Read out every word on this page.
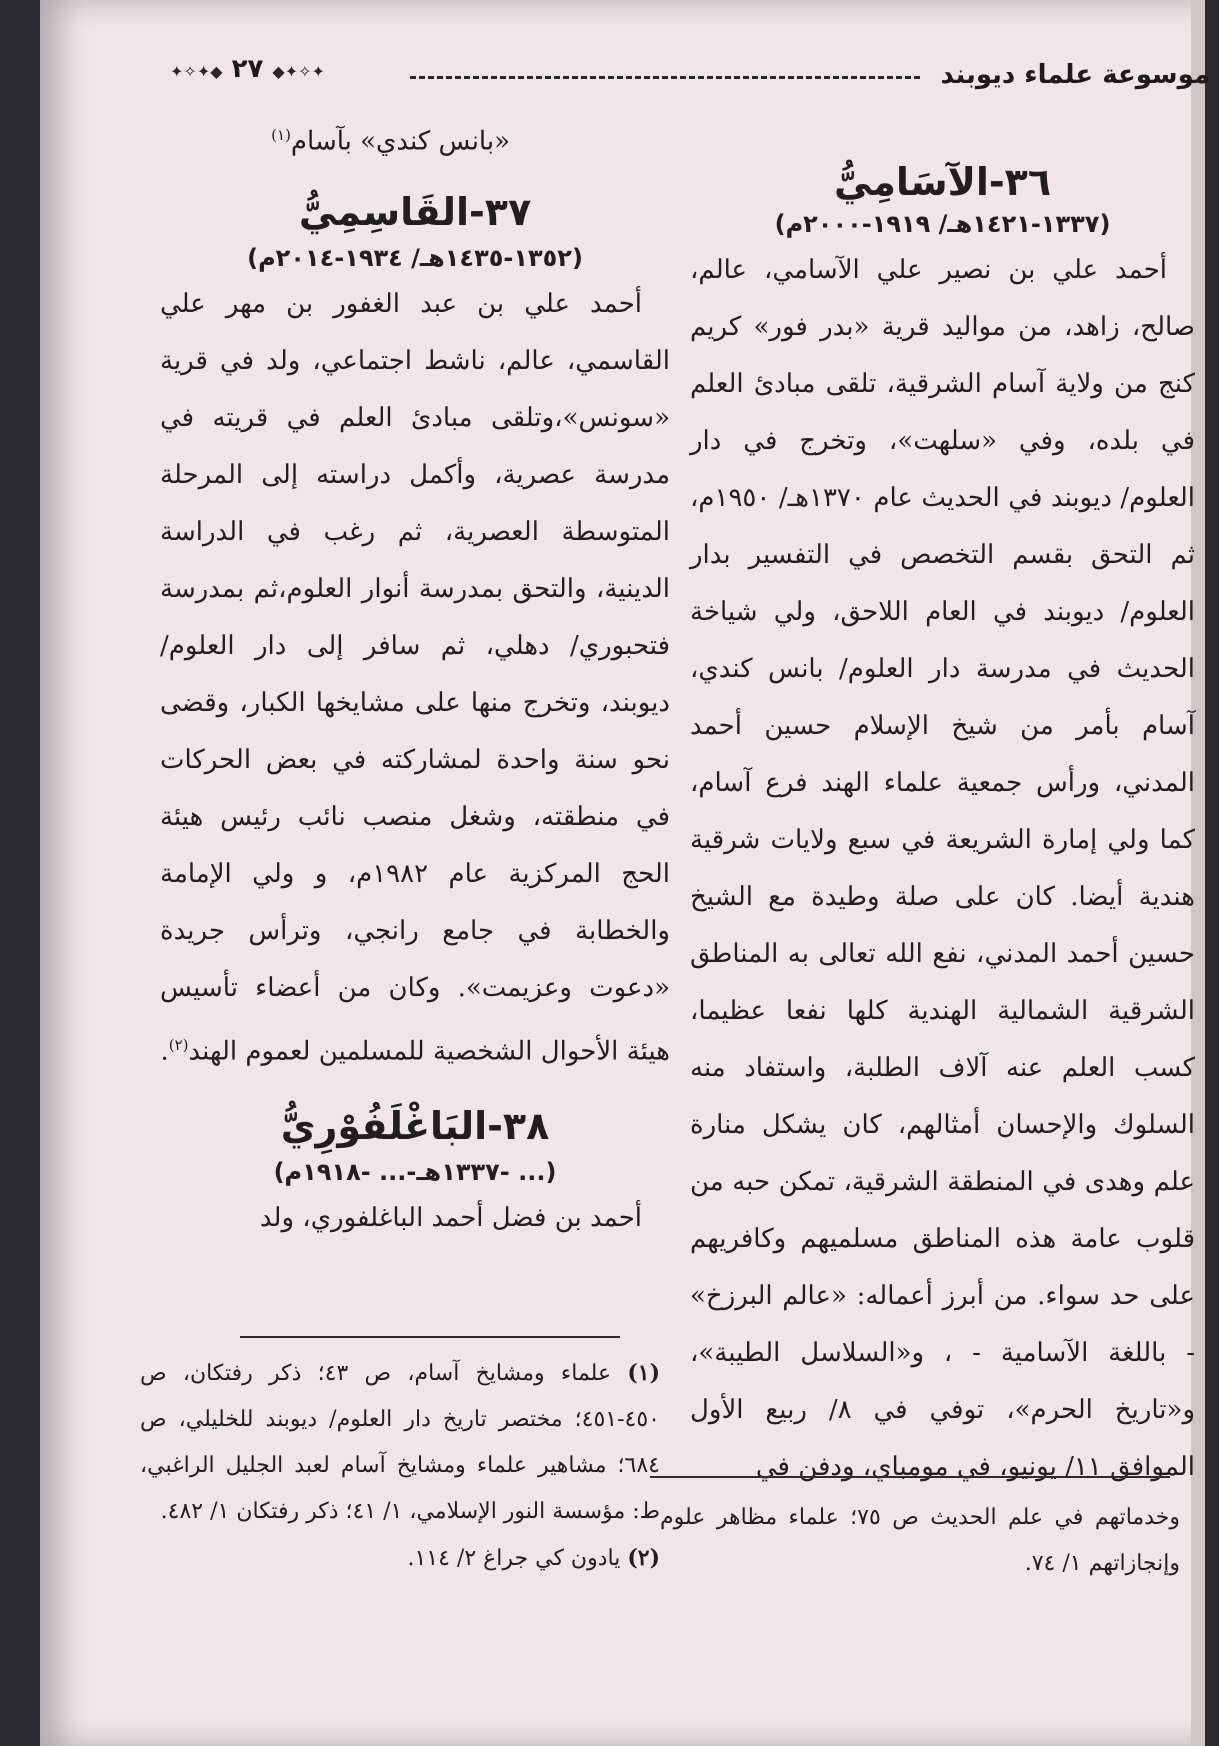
✦✧✦◆ ٢٧ ◆✦✧✦	موسوعة علماء ديوبند
٣٦-الآسَامِيُّ
(١٣٣٧-١٤٢١هـ/ ١٩١٩-٢٠٠٠م)

أحمد علي بن نصير علي الآسامي، عالم، صالح، زاهد، من مواليد قرية «بدر فور» كريم كنج من ولاية آسام الشرقية، تلقى مبادئ العلم في بلده، وفي «سلهت»، وتخرج في دار العلوم/ ديوبند في الحديث عام ١٣٧٠هـ/ ١٩٥٠م، ثم التحق بقسم التخصص في التفسير بدار العلوم/ ديوبند في العام اللاحق، ولي شياخة الحديث في مدرسة دار العلوم/ بانس كندي، آسام بأمر من شيخ الإسلام حسين أحمد المدني، ورأس جمعية علماء الهند فرع آسام، كما ولي إمارة الشريعة في سبع ولايات شرقية هندية أيضا. كان على صلة وطيدة مع الشيخ حسين أحمد المدني، نفع الله تعالى به المناطق الشرقية الشمالية الهندية كلها نفعا عظيما، كسب العلم عنه آلاف الطلبة، واستفاد منه السلوك والإحسان أمثالهم، كان يشكل منارة علم وهدى في المنطقة الشرقية، تمكن حبه من قلوب عامة هذه المناطق مسلميهم وكافريهم على حد سواء. من أبرز أعماله: «عالم البرزخ» - باللغة الآسامية - ، و«السلاسل الطيبة»، و«تاريخ الحرم»، توفي في ٨/ ربيع الأول الموافق ١١/ يونيو، في مومباي، ودفن في

وخدماتهم في علم الحديث ص ٧٥؛ علماء مظاهر علوم وإنجازاتهم ١/ ٧٤.

«بانس كندي» بآسام$^{(١)}$

٣٧-القَاسِمِيُّ
(١٣٥٢-١٤٣٥هـ/ ١٩٣٤-٢٠١٤م)

أحمد علي بن عبد الغفور بن مهر علي القاسمي، عالم، ناشط اجتماعي، ولد في قرية «سونس»،وتلقى مبادئ العلم في قريته في مدرسة عصرية، وأكمل دراسته إلى المرحلة المتوسطة العصرية، ثم رغب في الدراسة الدينية، والتحق بمدرسة أنوار العلوم،ثم بمدرسة فتحبوري/ دهلي، ثم سافر إلى دار العلوم/ ديوبند، وتخرج منها على مشايخها الكبار، وقضى نحو سنة واحدة لمشاركته في بعض الحركات في منطقته، وشغل منصب نائب رئيس هيئة الحج المركزية عام ١٩٨٢م، و ولي الإمامة والخطابة في جامع رانجي، وترأس جريدة «دعوت وعزيمت». وكان من أعضاء تأسيس هيئة الأحوال الشخصية للمسلمين لعموم الهند$^{(٢)}$.

٣٨-البَاغْلَفُوْرِيُّ
(... -١٣٣٧هـ-... -١٩١٨م)

أحمد بن فضل أحمد الباغلفوري، ولد

(١) علماء ومشايخ آسام، ص ٤٣؛ ذكر رفتكان، ص ٤٥٠-٤٥١؛ مختصر تاريخ دار العلوم/ ديوبند للخليلي، ص ٦٨٤؛ مشاهير علماء ومشايخ آسام لعبد الجليل الراغبي، ط: مؤسسة النور الإسلامي، ١/ ٤١؛ ذكر رفتكان ١/ ٤٨٢.

(٢) يادون كي جراغ ٢/ ١١٤.
